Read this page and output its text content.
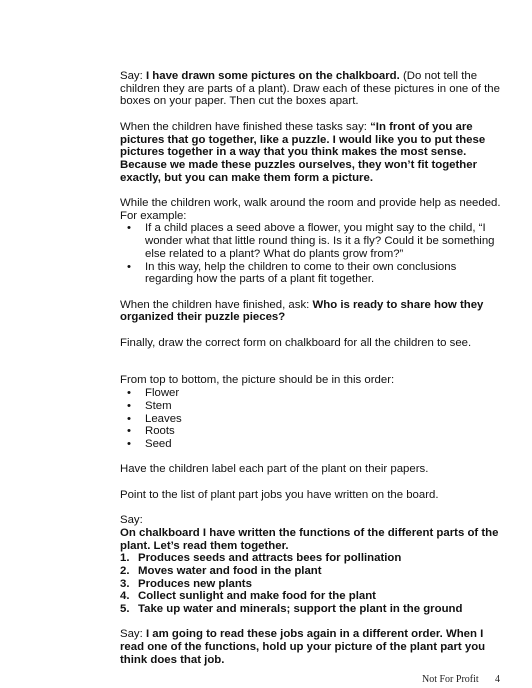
Say: I have drawn some pictures on the chalkboard. (Do not tell the children they are parts of a plant). Draw each of these pictures in one of the boxes on your paper. Then cut the boxes apart.

When the children have finished these tasks say: “In front of you are pictures that go together, like a puzzle. I would like you to put these pictures together in a way that you think makes the most sense. Because we made these puzzles ourselves, they won’t fit together exactly, but you can make them form a picture.

While the children work, walk around the room and provide help as needed. For example:

• If a child places a seed above a flower, you might say to the child, “I wonder what that little round thing is. Is it a fly? Could it be something else related to a plant? What do plants grow from?”
• In this way, help the children to come to their own conclusions regarding how the parts of a plant fit together.

When the children have finished, ask: Who is ready to share how they organized their puzzle pieces?

Finally, draw the correct form on chalkboard for all the children to see.

From top to bottom, the picture should be in this order:

• Flower
• Stem
• Leaves
• Roots
• Seed

Have the children label each part of the plant on their papers.

Point to the list of plant part jobs you have written on the board.

Say:

On chalkboard I have written the functions of the different parts of the plant. Let’s read them together.

1. Produces seeds and attracts bees for pollination
2. Moves water and food in the plant
3. Produces new plants
4. Collect sunlight and make food for the plant
5. Take up water and minerals; support the plant in the ground

Say: I am going to read these jobs again in a different order. When I read one of the functions, hold up your picture of the plant part you think does that job.

Not For Profit 4
